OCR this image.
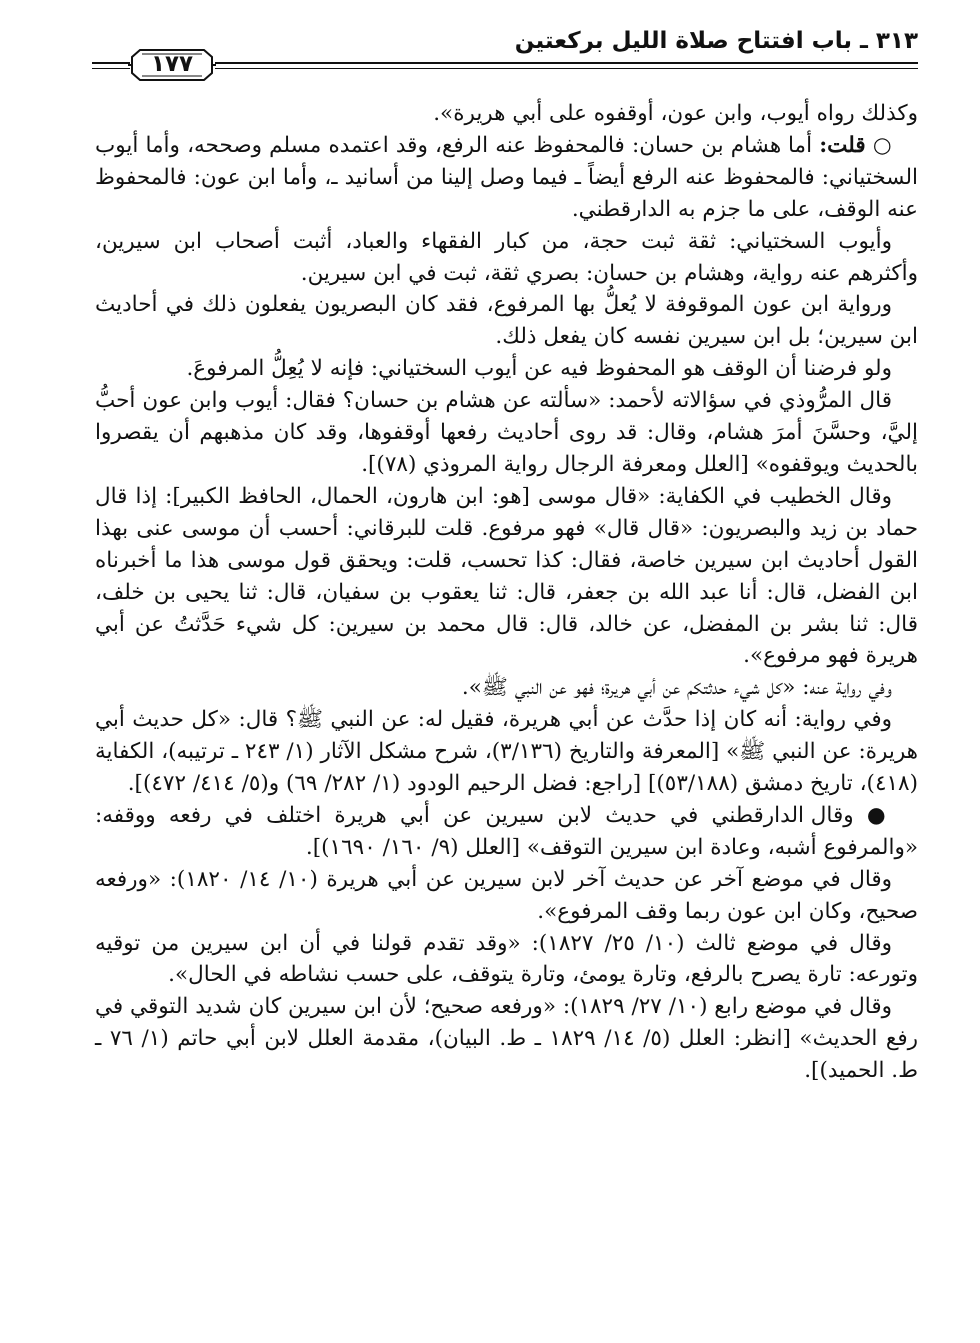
٣١٣ ـ باب افتتاح صلاة الليل بركعتين
١٧٧

وكذلك رواه أيوب، وابن عون، أوقفوه على أبي هريرة».

○ قلت: أما هشام بن حسان: فالمحفوظ عنه الرفع، وقد اعتمده مسلم وصححه، وأما أيوب السختياني: فالمحفوظ عنه الرفع أيضاً ـ فيما وصل إلينا من أسانيد ـ، وأما ابن عون: فالمحفوظ عنه الوقف، على ما جزم به الدارقطني.

وأيوب السختياني: ثقة ثبت حجة، من كبار الفقهاء والعباد، أثبت أصحاب ابن سيرين، وأكثرهم عنه رواية، وهشام بن حسان: بصري ثقة، ثبت في ابن سيرين.

ورواية ابن عون الموقوفة لا يُعلُّ بها المرفوع، فقد كان البصريون يفعلون ذلك في أحاديث ابن سيرين؛ بل ابن سيرين نفسه كان يفعل ذلك.

ولو فرضنا أن الوقف هو المحفوظ فيه عن أيوب السختياني: فإنه لا يُعِلُّ المرفوعَ.

قال المرُّوذي في سؤالاته لأحمد: «سألته عن هشام بن حسان؟ فقال: أيوب وابن عون أحبُّ إليَّ، وحسَّنَ أمرَ هشام، وقال: قد روى أحاديث رفعها أوقفوها، وقد كان مذهبهم أن يقصروا بالحديث ويوقفوه» [العلل ومعرفة الرجال رواية المروذي (٧٨)].

وقال الخطيب في الكفاية: «قال موسى [هو: ابن هارون، الحمال، الحافظ الكبير]: إذا قال حماد بن زيد والبصريون: «قال قال» فهو مرفوع. قلت للبرقاني: أحسب أن موسى عنى بهذا القول أحاديث ابن سيرين خاصة، فقال: كذا تحسب، قلت: ويحقق قول موسى هذا ما أخبرناه ابن الفضل، قال: أنا عبد الله بن جعفر، قال: ثنا يعقوب بن سفيان، قال: ثنا يحيى بن خلف، قال: ثنا بشر بن المفضل، عن خالد، قال: قال محمد بن سيرين: كل شيء حَدَّثتُ عن أبي هريرة فهو مرفوع».

وفي رواية عنه: «كل شيء حدثتكم عن أبي هريرة؛ فهو عن النبي ﷺ».

وفي رواية: أنه كان إذا حدَّث عن أبي هريرة، فقيل له: عن النبي ﷺ؟ قال: «كل حديث أبي هريرة: عن النبي ﷺ» [المعرفة والتاريخ (٣/١٣٦)، شرح مشكل الآثار (١/ ٢٤٣ ـ ترتيبه)، الكفاية (٤١٨)، تاريخ دمشق (٥٣/١٨٨)] [راجع: فضل الرحيم الودود (١/ ٢٨٢/ ٦٩) و(٥/ ٤١٤/ ٤٧٢)].

● وقال الدارقطني في حديث لابن سيرين عن أبي هريرة اختلف في رفعه ووقفه: «والمرفوع أشبه، وعادة ابن سيرين التوقف» [العلل (٩/ ١٦٠/ ١٦٩٠)].

وقال في موضع آخر عن حديث آخر لابن سيرين عن أبي هريرة (١٠/ ١٤/ ١٨٢٠): «ورفعه صحيح، وكان ابن عون ربما وقف المرفوع».

وقال في موضع ثالث (١٠/ ٢٥/ ١٨٢٧): «وقد تقدم قولنا في أن ابن سيرين من توقيه وتورعه: تارة يصرح بالرفع، وتارة يومئ، وتارة يتوقف، على حسب نشاطه في الحال».

وقال في موضع رابع (١٠/ ٢٧/ ١٨٢٩): «ورفعه صحيح؛ لأن ابن سيرين كان شديد التوقي في رفع الحديث» [انظر: العلل (٥/ ١٤/ ١٨٢٩ ـ ط. البيان)، مقدمة العلل لابن أبي حاتم (١/ ٧٦ ـ ط. الحميد)].
